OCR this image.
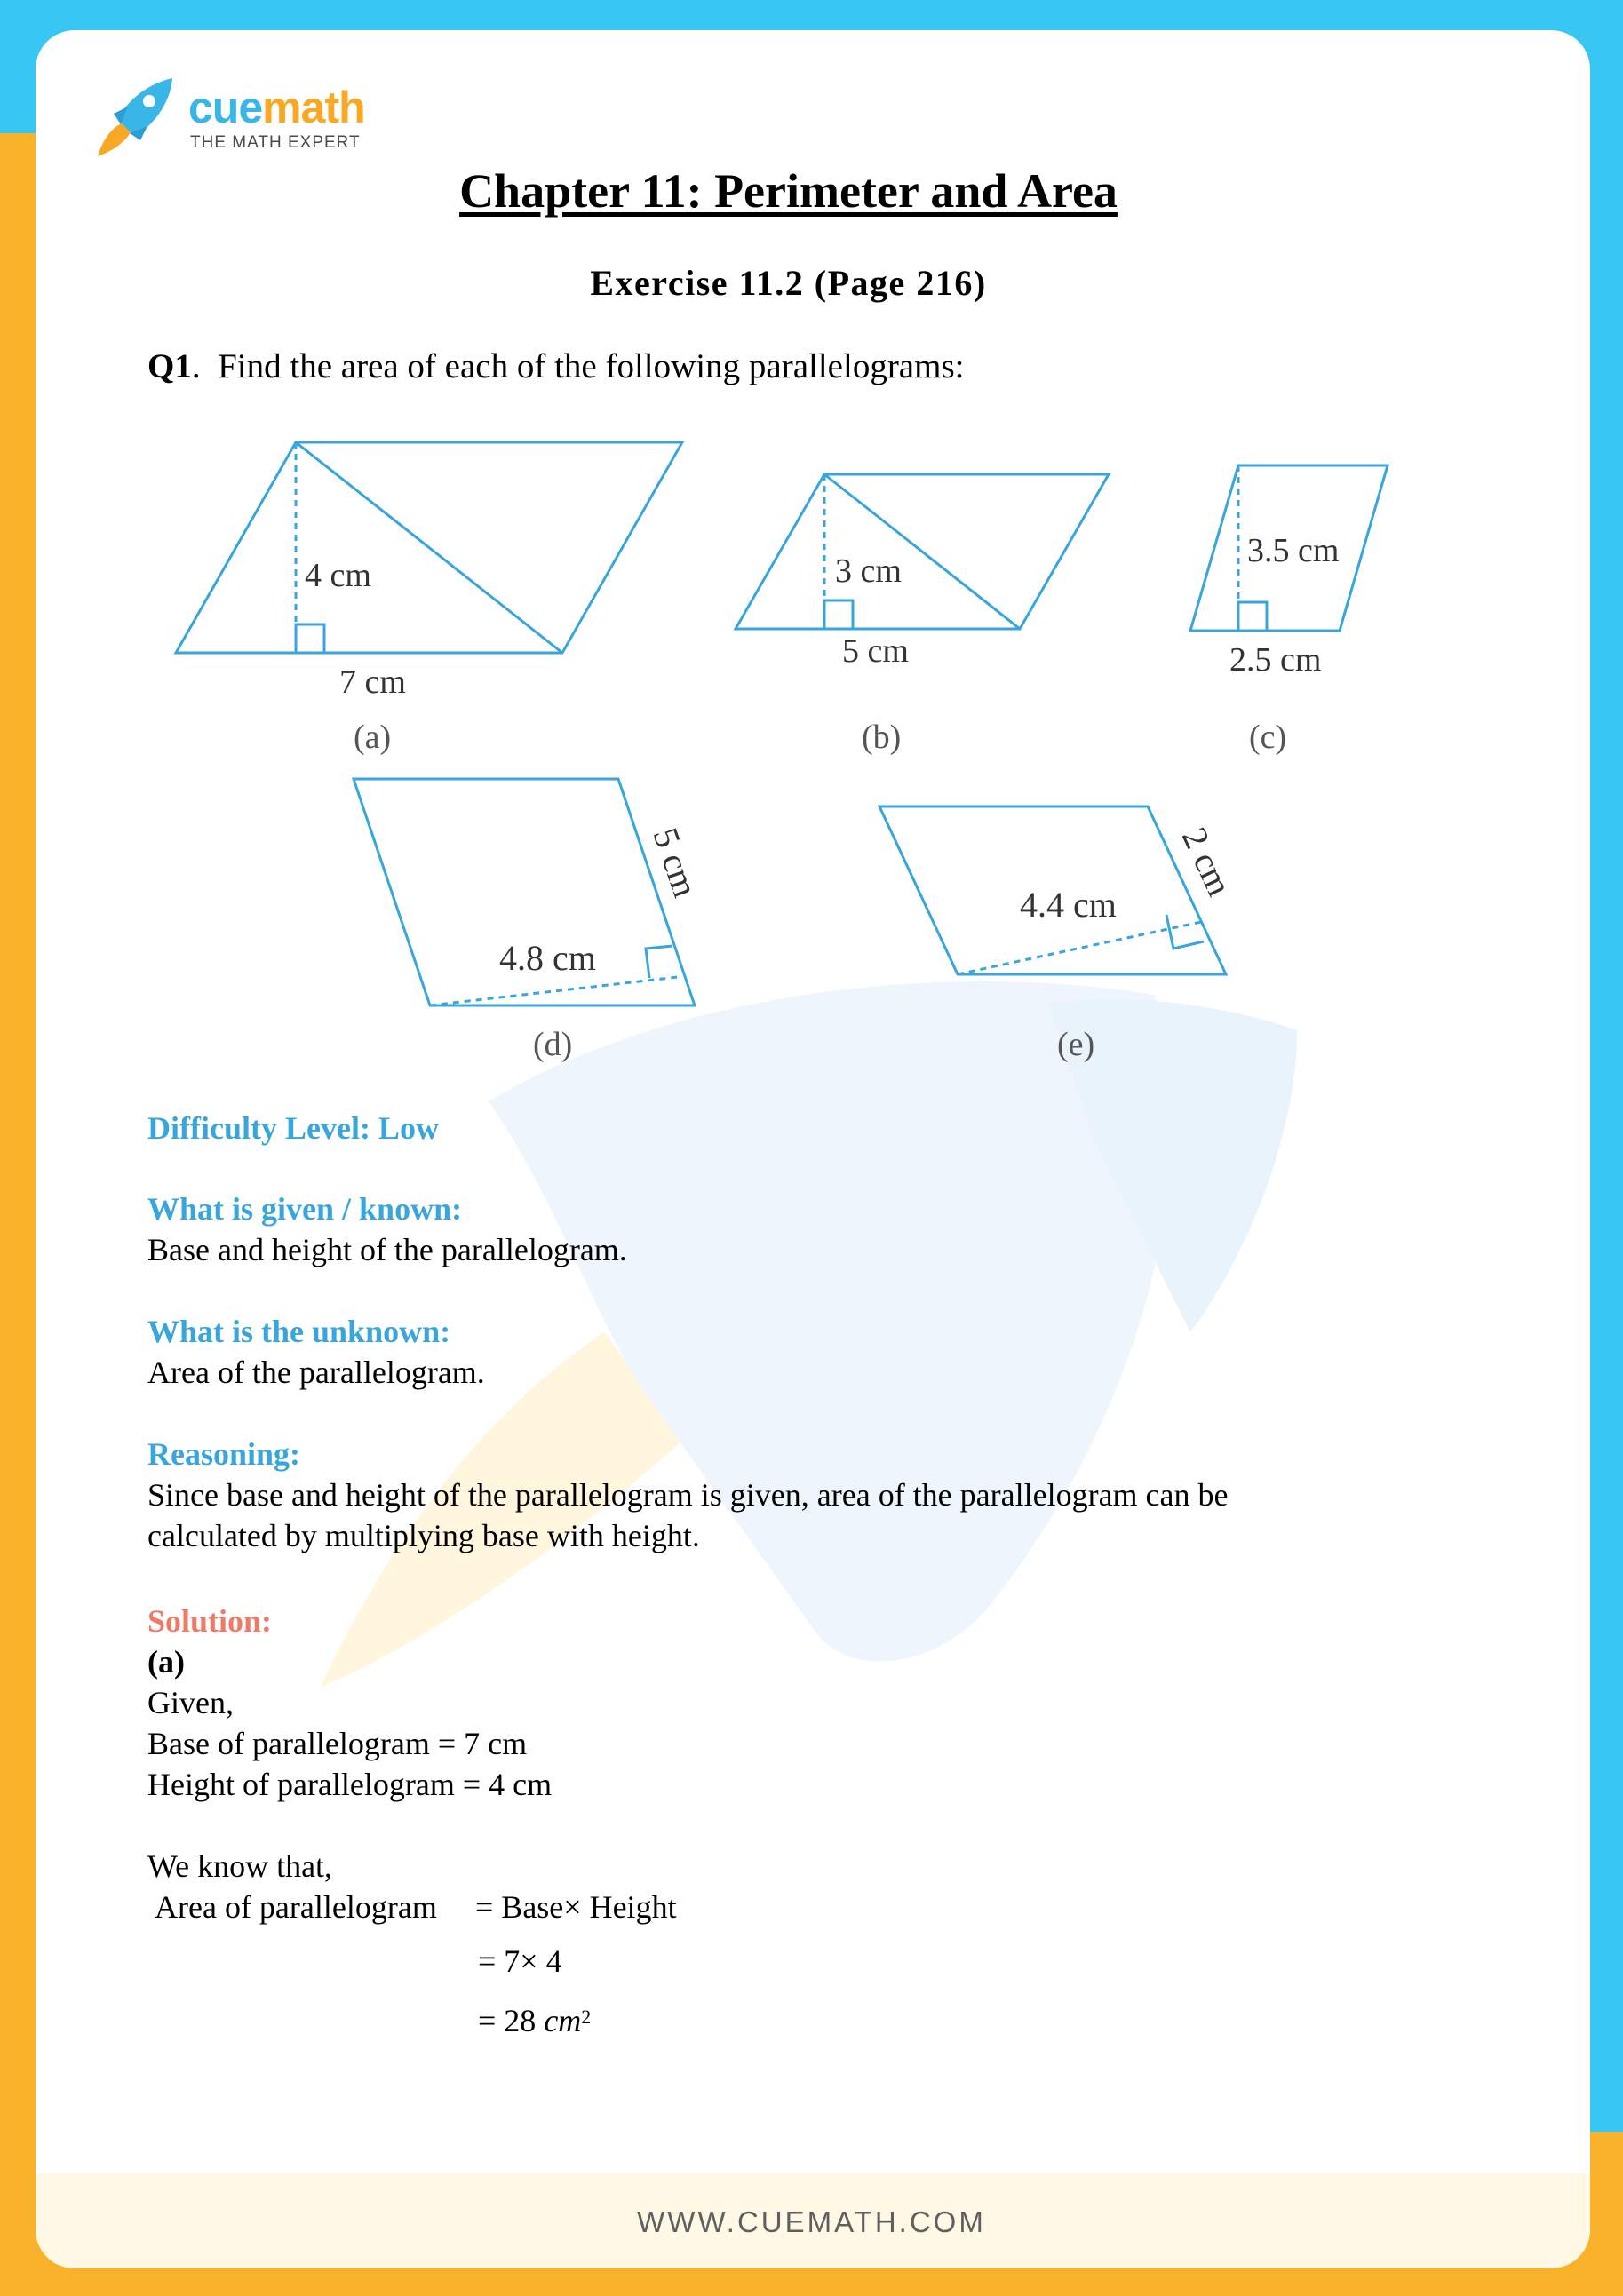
cuemath
THE MATH EXPERT
Chapter 11: Perimeter and Area
Exercise 11.2 (Page 216)
Q1.  Find the area of each of the following parallelograms:
4 cm
7 cm
(a)
3 cm
5 cm
(b)
3.5 cm
2.5 cm
(c)
4.8 cm
5 cm
(d)
4.4 cm
2 cm
(e)
Difficulty Level: Low
What is given / known:
Base and height of the parallelogram.
What is the unknown:
Area of the parallelogram.
Reasoning:
Since base and height of the parallelogram is given, area of the parallelogram can be
calculated by multiplying base with height.
Solution:
(a)
Given,
Base of parallelogram = 7 cm
Height of parallelogram = 4 cm
We know that,
Area of parallelogram = Base× Height
= 7× 4
= 28 $cm^2$
WWW.CUEMATH.COM
